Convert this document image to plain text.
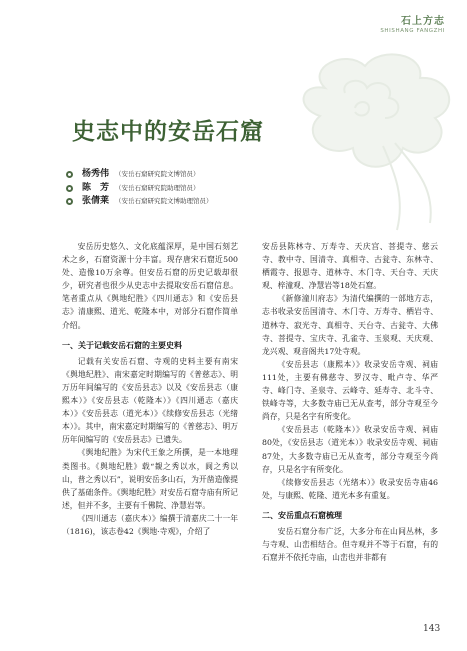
石上方志
SHISHANG FANGZHI
史志中的安岳石窟
杨秀伟 （安岳石窟研究院文博馆员）
陈　芳 （安岳石窟研究院助理馆员）
张倩莱 （安岳石窟研究院文博助理馆员）

安岳历史悠久、文化底蕴深厚，是中国石刻艺术之乡，石窟资源十分丰富。现存唐宋石窟近500处、造像10万余尊。但安岳石窟的历史记载却很少，研究者也很少从史志中去提取安岳石窟信息。笔者重点从《舆地纪胜》《四川通志》和《安岳县志》清康熙、道光、乾隆本中，对部分石窟作简单介绍。

一、关于记载安岳石窟的主要史料

记载有关安岳石窟、寺观的史料主要有南宋《舆地纪胜》、南宋嘉定时期编写的《普慈志》、明万历年间编写的《安岳县志》以及《安岳县志（康熙本）》《安岳县志（乾隆本）》《四川通志（嘉庆本）》《安岳县志（道光本）》《续修安岳县志（光绪本）》。其中，南宋嘉定时期编写的《普慈志》、明万历年间编写的《安岳县志》已遗失。

《舆地纪胜》为宋代王象之所撰，是一本地理类图书。《舆地纪胜》载“覩之秀以水，阆之秀以山，普之秀以石”，说明安岳多山石，为开凿造像提供了基础条件。《舆地纪胜》对安岳石窟寺庙有所记述，但并不多，主要有千佛院、净慧岩等。

《四川通志（嘉庆本）》编撰于清嘉庆二十一年（1816)，该志卷42《舆地·寺观》，介绍了

安岳县陈林寺、万寿寺、天庆宫、菩提寺、慈云寺、教中寺、国清寺、真相寺、古瓮寺、东林寺、栖霞寺、报恩寺、道林寺、木门寺、天台寺、天庆观、梓潼观、净慧岩等18处石窟。

《新修潼川府志》为清代编撰的一部地方志，志书收录安岳国清寺、木门寺、万寿寺、栖岩寺、道林寺、寂光寺、真相寺、天台寺、古瓮寺、大佛寺、菩提寺、宝庆寺、孔雀寺、玉泉观、天庆观、龙兴观、观音阁共17处寺观。

《安岳县志（康熙本）》收录安岳寺观、祠庙111处，主要有佛慈寺、罗汉寺、毗卢寺、华严寺、峰门寺、圣泉寺、云峰寺、延寿寺、北斗寺、铁峰寺等，大多数寺庙已无从查考，部分寺观至今尚存，只是名字有所变化。

《安岳县志（乾隆本）》收录安岳寺观、祠庙80处，《安岳县志（道光本）》收录安岳寺观、祠庙87处，大多数寺庙已无从查考，部分寺观至今尚存，只是名字有所变化。

《续修安岳县志（光绪本）》收录安岳寺庙46处，与康熙、乾隆、道光本多有重复。

二、安岳重点石窟梳理

安岳石窟分布广泛，大多分布在山间丛林，多与寺观、山峦相结合。但寺观并不等于石窟，有的石窟并不依托寺庙，山峦也并非都有

143
